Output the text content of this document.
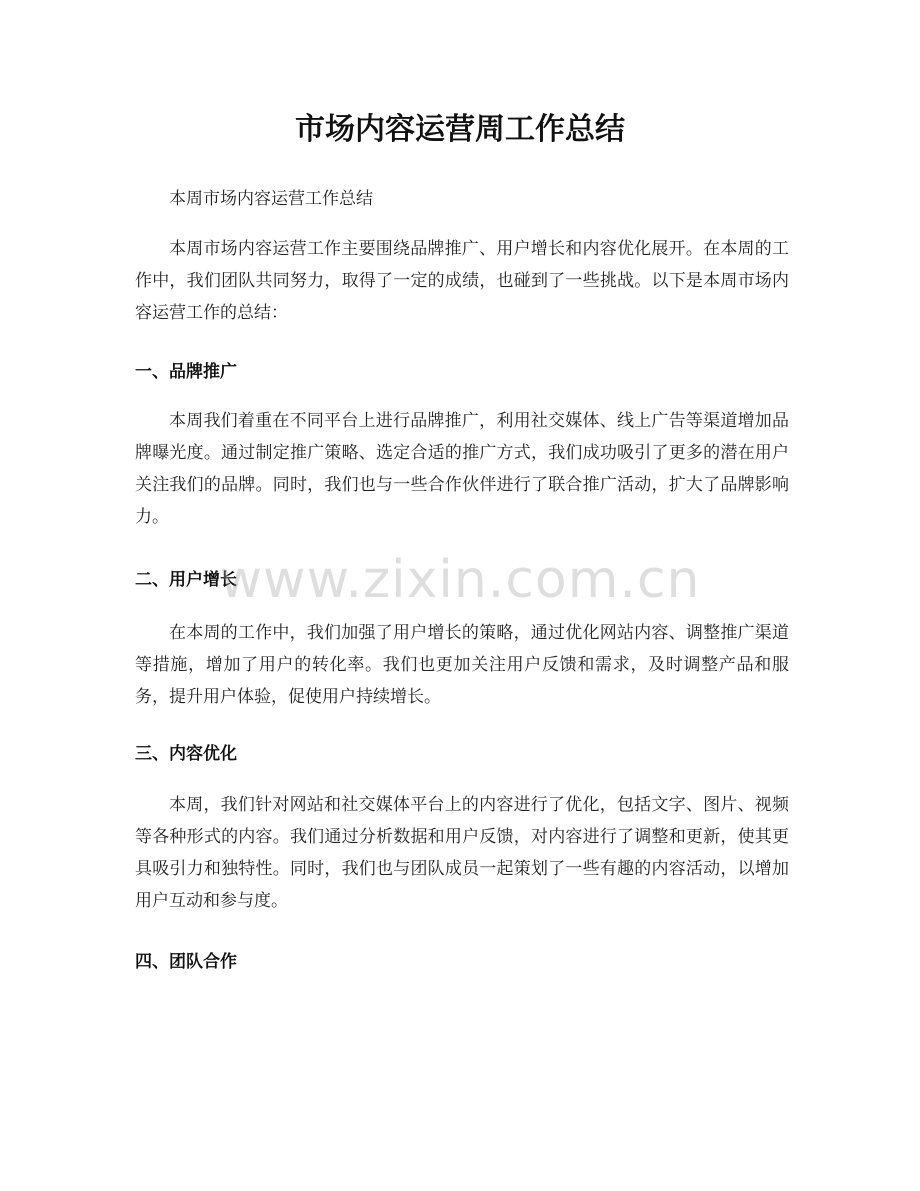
市场内容运营周工作总结
本周市场内容运营工作总结
本周市场内容运营工作主要围绕品牌推广、用户增长和内容优化展开。在本周的工作中，我们团队共同努力，取得了一定的成绩，也碰到了一些挑战。以下是本周市场内容运营工作的总结：
一、品牌推广
本周我们着重在不同平台上进行品牌推广，利用社交媒体、线上广告等渠道增加品牌曝光度。通过制定推广策略、选定合适的推广方式，我们成功吸引了更多的潜在用户关注我们的品牌。同时，我们也与一些合作伙伴进行了联合推广活动，扩大了品牌影响力。
二、用户增长
在本周的工作中，我们加强了用户增长的策略，通过优化网站内容、调整推广渠道等措施，增加了用户的转化率。我们也更加关注用户反馈和需求，及时调整产品和服务，提升用户体验，促使用户持续增长。
三、内容优化
本周，我们针对网站和社交媒体平台上的内容进行了优化，包括文字、图片、视频等各种形式的内容。我们通过分析数据和用户反馈，对内容进行了调整和更新，使其更具吸引力和独特性。同时，我们也与团队成员一起策划了一些有趣的内容活动，以增加用户互动和参与度。
四、团队合作
www.zixin.com.cn
